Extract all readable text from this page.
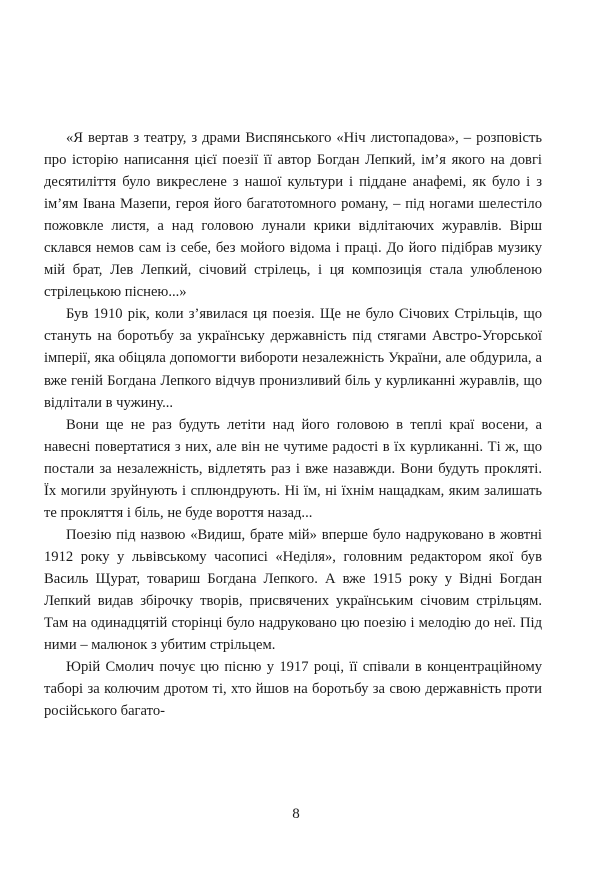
«Я вертав з театру, з драми Виспянського «Ніч листопадова», – розповість про історію написання цієї поезії її автор Богдан Лепкий, ім’я якого на довгі десятиліття було викреслене з нашої культури і піддане анафемі, як було і з ім’ям Івана Мазепи, героя його багатотомного роману, – під ногами шелестіло пожовкле листя, а над головою лунали крики відлітаючих журавлів. Вірш склався немов сам із себе, без мойого відома і праці. До його підібрав музику мій брат, Лев Лепкий, січовий стрілець, і ця композиція стала улюбленою стрілецькою піснею...»

Був 1910 рік, коли з’явилася ця поезія. Ще не було Січових Стрільців, що стануть на боротьбу за українську державність під стягами Австро-Угорської імперії, яка обіцяла допомогти вибороти незалежність України, але обдурила, а вже геній Богдана Лепкого відчув пронизливий біль у курликанні журавлів, що відлітали в чужину...

Вони ще не раз будуть летіти над його головою в теплі краї восени, а навесні повертатися з них, але він не чутиме радості в їх курликанні. Ті ж, що постали за незалежність, відлетять раз і вже назавжди. Вони будуть прокляті. Їх могили зруйнують і сплюндрують. Ні їм, ні їхнім нащадкам, яким залишать те прокляття і біль, не буде вороття назад...

Поезію під назвою «Видиш, брате мій» вперше було надруковано в жовтні 1912 року у львівському часописі «Неділя», головним редактором якої був Василь Щурат, товариш Богдана Лепкого. А вже 1915 року у Відні Богдан Лепкий видав збірочку творів, присвячених українським січовим стрільцям. Там на одинадцятій сторінці було надруковано цю поезію і мелодію до неї. Під ними – малюнок з убитим стрільцем.

Юрій Смолич почує цю пісню у 1917 році, її співали в концентраційному таборі за колючим дротом ті, хто йшов на боротьбу за свою державність проти російського багато-

8
